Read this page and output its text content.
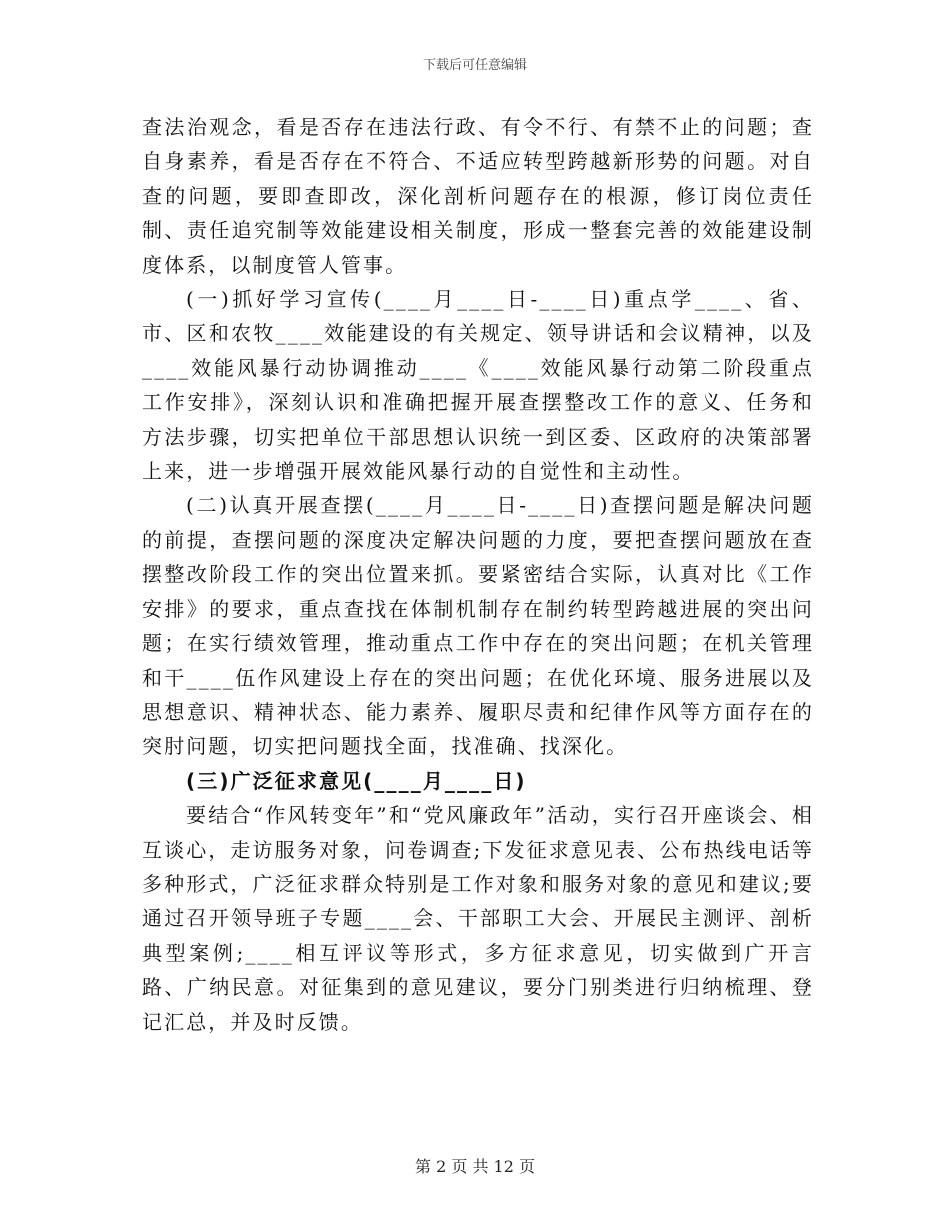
下载后可任意编辑

查法治观念，看是否存在违法行政、有令不行、有禁不止的问题；查自身素养，看是否存在不符合、不适应转型跨越新形势的问题。对自查的问题，要即查即改，深化剖析问题存在的根源，修订岗位责任制、责任追究制等效能建设相关制度，形成一整套完善的效能建设制度体系，以制度管人管事。

(一)抓好学习宣传(____月____日-____日)重点学____、省、市、区和农牧____效能建设的有关规定、领导讲话和会议精神，以及____效能风暴行动协调推动____《____效能风暴行动第二阶段重点工作安排》，深刻认识和准确把握开展查摆整改工作的意义、任务和方法步骤，切实把单位干部思想认识统一到区委、区政府的决策部署上来，进一步增强开展效能风暴行动的自觉性和主动性。

(二)认真开展查摆(____月____日-____日)查摆问题是解决问题的前提，查摆问题的深度决定解决问题的力度，要把查摆问题放在查摆整改阶段工作的突出位置来抓。要紧密结合实际，认真对比《工作安排》的要求，重点查找在体制机制存在制约转型跨越进展的突出问题；在实行绩效管理，推动重点工作中存在的突出问题；在机关管理和干____伍作风建设上存在的突出问题；在优化环境、服务进展以及思想意识、精神状态、能力素养、履职尽责和纪律作风等方面存在的突肘问题，切实把问题找全面，找准确、找深化。

(三)广泛征求意见(____月____日)

要结合“作风转变年”和“党风廉政年”活动，实行召开座谈会、相互谈心，走访服务对象，问卷调查;下发征求意见表、公布热线电话等多种形式，广泛征求群众特别是工作对象和服务对象的意见和建议;要通过召开领导班子专题____会、干部职工大会、开展民主测评、剖析典型案例;____相互评议等形式，多方征求意见，切实做到广开言路、广纳民意。对征集到的意见建议，要分门别类进行归纳梳理、登记汇总，并及时反馈。

第 2 页 共 12 页
